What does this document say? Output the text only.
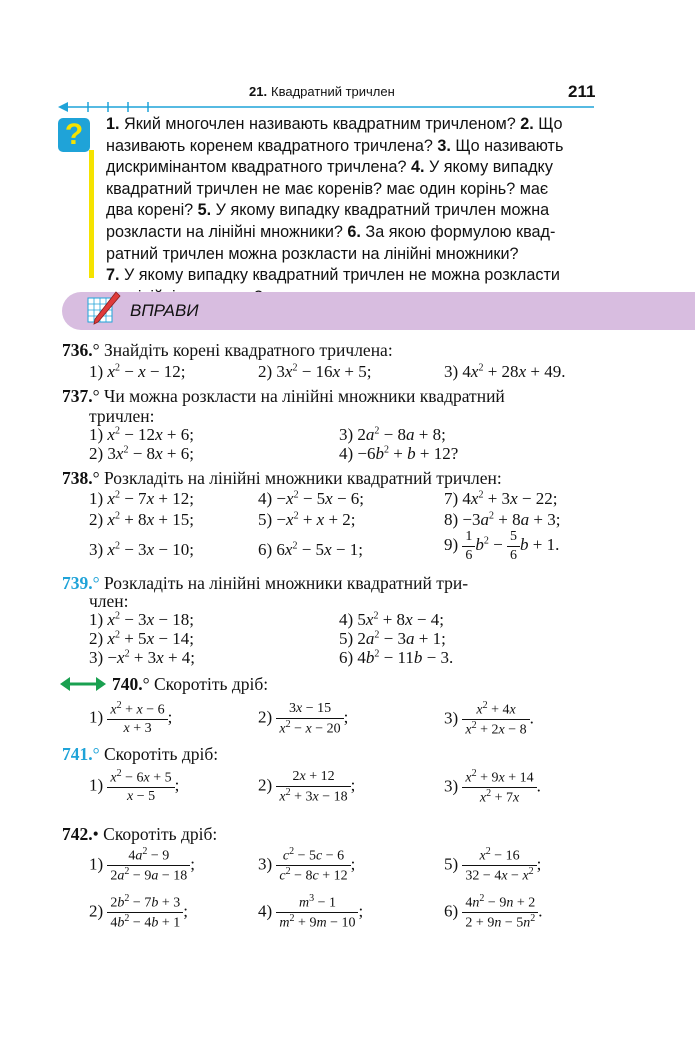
21. Квадратний тричлен	211
?	1. Який многочлен називають квадратним тричленом? 2. Що
називають коренем квадратного тричлена? 3. Що називають
дискримінантом квадратного тричлена? 4. У якому випадку
квадратний тричлен не має коренів? має один корінь? має
два корені? 5. У якому випадку квадратний тричлен можна
розкласти на лінійні множники? 6. За якою формулою квад-
ратний тричлен можна розкласти на лінійні множники?
7. У якому випадку квадратний тричлен не можна розкласти
ВПРАВИ
736.° Знайдіть корені квадратного тричлена:
1) $x^2 - x - 12$;	2) $3x^2 - 16x + 5$;	3) $4x^2 + 28x + 49$.
737.° Чи можна розкласти на лінійні множники квадратний
тричлен:
1) $x^2 - 12x + 6$;	3) $2a^2 - 8a + 8$;
2) $3x^2 - 8x + 6$;	$4) -6b^2 + b + 12$?
738.° Розкладіть на лінійні множники квадратний тричлен:
1) $x^2 - 7x + 12$;	$4) -x^2 - 5x - 6$;	7) $4x^2 + 3x - 22$;
2) $x^2 + 8x + 15$;	$5) -x^2 + x + 2$;	$8) -3a^2 + 8a + 3$;
3) $x^2 - 3x - 10$;	6) $6x^2 - 5x - 1$;	$9) \frac{1}{6} b^2 - \frac{5}{6}$ b + 1.
739.° Розкладіть на лінійні множники квадратний три-
член:
1) $x^2 - 3x - 18$;	4) $5x^2 + 8x - 4$;
2) $x^2 + 5x - 14$;	5) $2a^2 - 3a + 1$;
$3) -x^2 + 3x + 4$;	6) $4b^2 - 11b - 3$.
740.° Скоротіть дріб:
$1) \frac{x^2 + x - 6}{x + 3}$ ;	$2) \frac{3x - 15}{x^2 - x - 20}$ ;	$3) \frac{x^2 + 4x}{x^2 + 2x - 8}$ .
741.° Скоротіть дріб:
$1) \frac{x^2 - 6x + 5}{x - 5}$ ;	$2) \frac{2x + 12}{x^2 + 3x - 18}$ ;	$3) \frac{x^2 + 9x + 14}{x^2 + 7x}$ .
742.• Скоротіть дріб:
$1) \frac{4a^2 - 9}{2a^2 - 9a - 18}$ ;	$3) \frac{c^2 - 5c - 6}{c^2 - 8c + 12}$ ;	$5) \frac{x^2 - 16}{32 - 4x - x^2}$ ;
$2) \frac{2b^2 - 7b + 3}{4b^2 - 4b + 1}$ ;	$4) \frac{m^3 - 1}{m^2 + 9m - 10}$ ;	$6) \frac{4n^2 - 9n + 2}{2 + 9n - 5n^2}$ .
